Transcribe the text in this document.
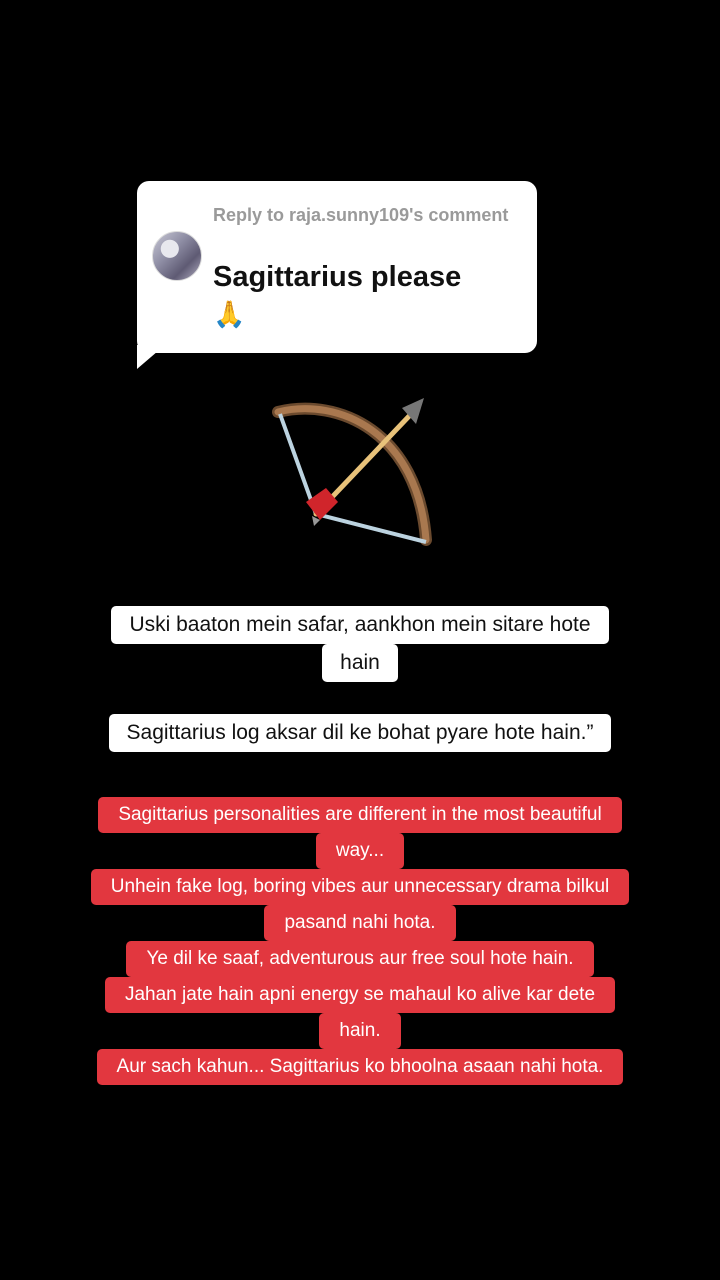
Reply to raja.sunny109's comment
Sagittarius please
🙏
Uski baaton mein safar, aankhon mein sitare hote
hain
Sagittarius log aksar dil ke bohat pyare hote hain.”
Sagittarius personalities are different in the most beautiful
way...
Unhein fake log, boring vibes aur unnecessary drama bilkul
pasand nahi hota.
Ye dil ke saaf, adventurous aur free soul hote hain.
Jahan jate hain apni energy se mahaul ko alive kar dete
hain.
Aur sach kahun... Sagittarius ko bhoolna asaan nahi hota.
